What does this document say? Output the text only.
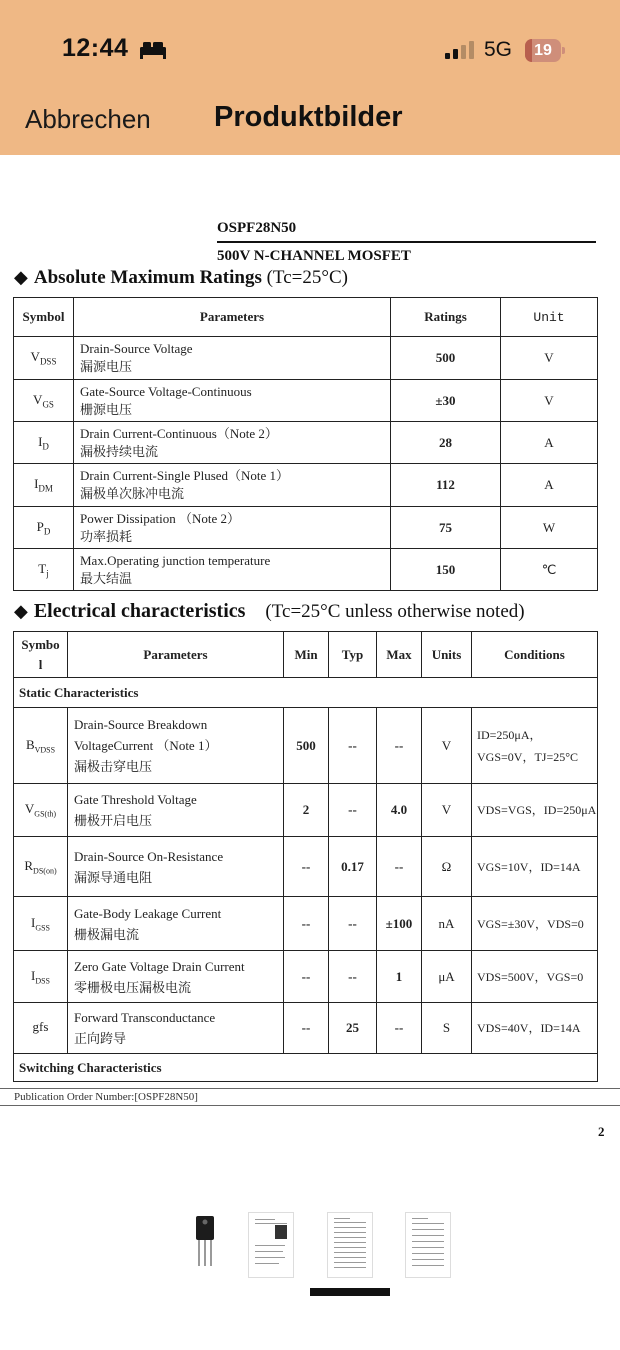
12:44	5G	19
Abbrechen Produktbilder
OSPF28N50
500V N-CHANNEL MOSFET
◆ Absolute Maximum Ratings (Tc=25°C)
Symbol	Parameters	Ratings	Unit
$V_{DSS}$	Drain-Source Voltage
漏源电压	500	V
$V_{GS}$	Gate-Source Voltage-Continuous
栅源电压	±30	V
$I_D$	Drain Current-Continuous（Note 2）
漏极持续电流	28	A
$I_{DM}$	Drain Current-Single Plused（Note 1）
漏极单次脉冲电流	112	A
$P_D$	Power Dissipation （Note 2）
功率损耗	75	W
$T_j$	Max.Operating junction temperature
最大结温	150	℃
◆ Electrical characteristics (Tc=25°C unless otherwise noted)
Symbo
l	Parameters	Min	Typ	Max	Units	Conditions
Static Characteristics						
$B_{VDSS}$	Drain-Source Breakdown
VoltageCurrent （Note 1）
漏极击穿电压	500	--	--	V	ID=250μA，
VGS=0V，TJ=25°C

$V_{GS(th)}$	Gate Threshold Voltage
栅极开启电压	2	--	4.0	V	VDS=VGS，ID=250μA
$R_{DS(on)}$	Drain-Source On-Resistance
漏源导通电阻	--	0.17	--	Ω	VGS=10V，ID=14A
$I_{GSS}$	Gate-Body Leakage Current
栅极漏电流	--	--	±100	nA	VGS=±30V，VDS=0
$I_{DSS}$	Zero Gate Voltage Drain Current
零栅极电压漏极电流	--	--	1	μA	VDS=500V，VGS=0
gfs	Forward Transconductance
正向跨导	--	25	--	S	VDS=40V，ID=14A
Switching Characteristics						
Publication Order Number:[OSPF28N50]
2
